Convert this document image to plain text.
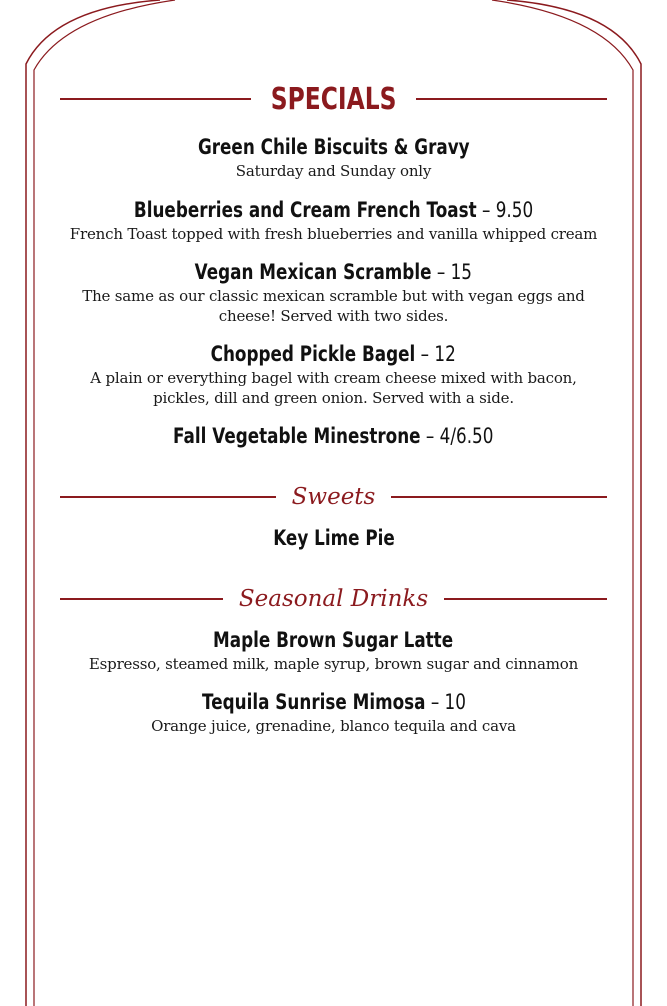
SPECIALS
Green Chile Biscuits & Gravy
Saturday and Sunday only
Blueberries and Cream French Toast – 9.50
French Toast topped with fresh blueberries and vanilla whipped cream
Vegan Mexican Scramble – 15
The same as our classic mexican scramble but with vegan eggs and cheese! Served with two sides.
Chopped Pickle Bagel – 12
A plain or everything bagel with cream cheese mixed with bacon, pickles, dill and green onion. Served with a side.
Fall Vegetable Minestrone – 4/6.50
Sweets
Key Lime Pie
Seasonal Drinks
Maple Brown Sugar Latte
Espresso, steamed milk, maple syrup, brown sugar and cinnamon
Tequila Sunrise Mimosa – 10
Orange juice, grenadine, blanco tequila and cava
